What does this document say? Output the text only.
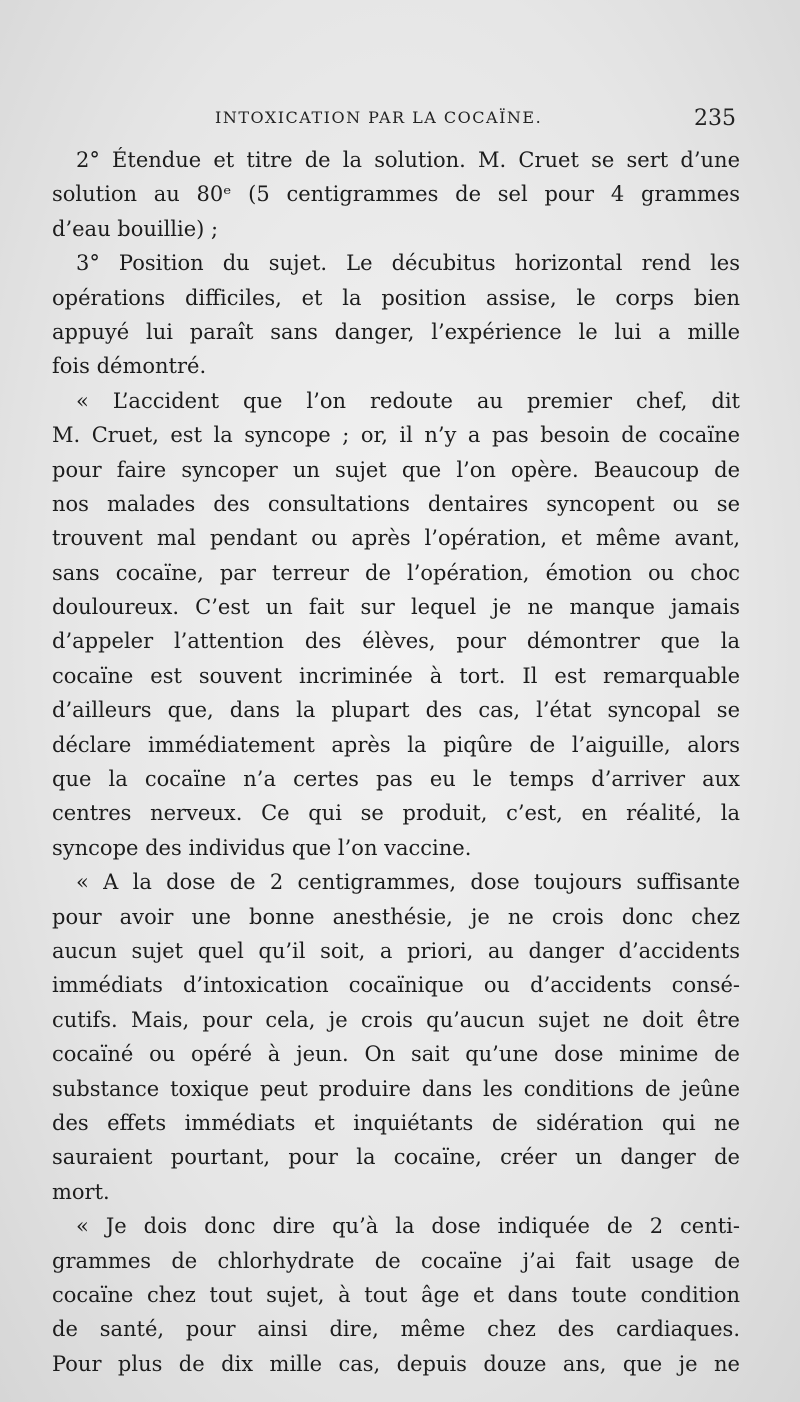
INTOXICATION PAR LA COCAÏNE.	235
2° Étendue et titre de la solution. M. Cruet se sert d’une
solution au 80ᵉ (5 centigrammes de sel pour 4 grammes
d’eau bouillie) ;
3° Position du sujet. Le décubitus horizontal rend les
opérations difficiles, et la position assise, le corps bien
appuyé lui paraît sans danger, l’expérience le lui a mille
fois démontré.
« L’accident que l’on redoute au premier chef, dit
M. Cruet, est la syncope ; or, il n’y a pas besoin de cocaïne
pour faire syncoper un sujet que l’on opère. Beaucoup de
nos malades des consultations dentaires syncopent ou se
trouvent mal pendant ou après l’opération, et même avant,
sans cocaïne, par terreur de l’opération, émotion ou choc
douloureux. C’est un fait sur lequel je ne manque jamais
d’appeler l’attention des élèves, pour démontrer que la
cocaïne est souvent incriminée à tort. Il est remarquable
d’ailleurs que, dans la plupart des cas, l’état syncopal se
déclare immédiatement après la piqûre de l’aiguille, alors
que la cocaïne n’a certes pas eu le temps d’arriver aux
centres nerveux. Ce qui se produit, c’est, en réalité, la
syncope des individus que l’on vaccine.
« A la dose de 2 centigrammes, dose toujours suffisante
pour avoir une bonne anesthésie, je ne crois donc chez
aucun sujet quel qu’il soit, a priori, au danger d’accidents
immédiats d’intoxication cocaïnique ou d’accidents consé-
cutifs. Mais, pour cela, je crois qu’aucun sujet ne doit être
cocaïné ou opéré à jeun. On sait qu’une dose minime de
substance toxique peut produire dans les conditions de jeûne
des effets immédiats et inquiétants de sidération qui ne
sauraient pourtant, pour la cocaïne, créer un danger de
mort.
« Je dois donc dire qu’à la dose indiquée de 2 centi-
grammes de chlorhydrate de cocaïne j’ai fait usage de
cocaïne chez tout sujet, à tout âge et dans toute condition
de santé, pour ainsi dire, même chez des cardiaques.
Pour plus de dix mille cas, depuis douze ans, que je ne
